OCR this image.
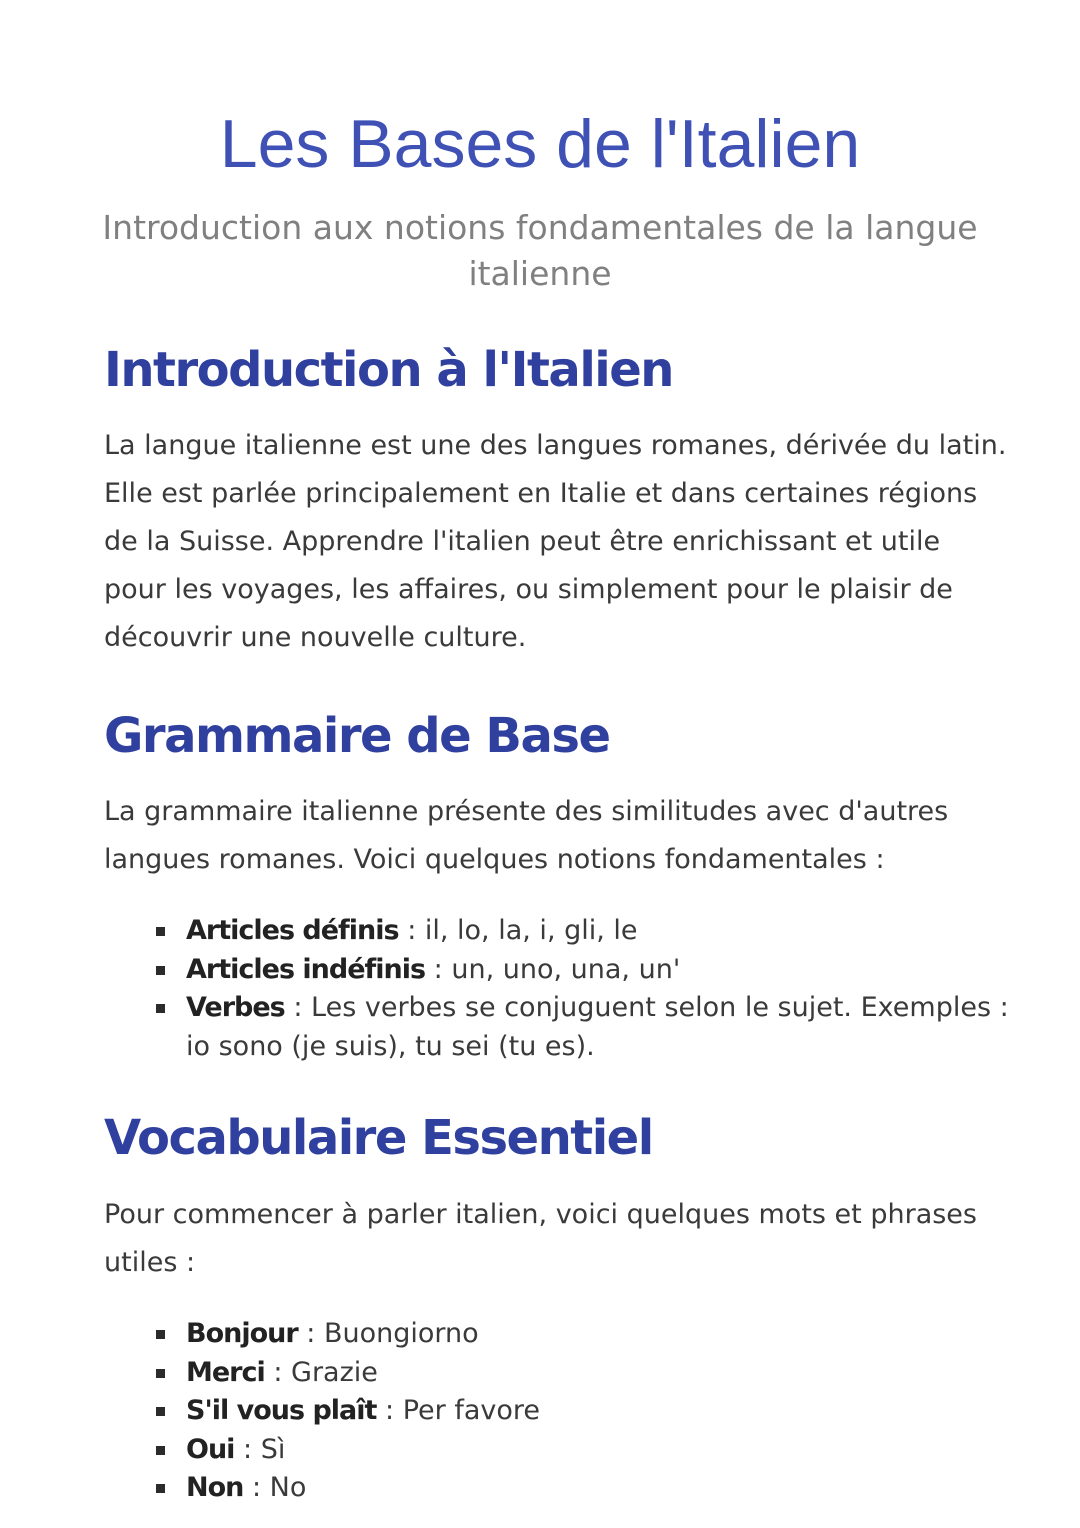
Les Bases de l'Italien

Introduction aux notions fondamentales de la langue
italienne

Introduction à l'Italien
La langue italienne est une des langues romanes, dérivée du latin.
Elle est parlée principalement en Italie et dans certaines régions
de la Suisse. Apprendre l'italien peut être enrichissant et utile
pour les voyages, les affaires, ou simplement pour le plaisir de
découvrir une nouvelle culture.
Grammaire de Base
La grammaire italienne présente des similitudes avec d'autres
langues romanes. Voici quelques notions fondamentales :
Articles définis : il, lo, la, i, gli, le
Articles indéfinis : un, uno, una, un'
Verbes : Les verbes se conjuguent selon le sujet. Exemples :
io sono (je suis), tu sei (tu es).
Vocabulaire Essentiel
Pour commencer à parler italien, voici quelques mots et phrases
utiles :
Bonjour : Buongiorno
Merci : Grazie
S'il vous plaît : Per favore
Oui : Sì
Non : No
